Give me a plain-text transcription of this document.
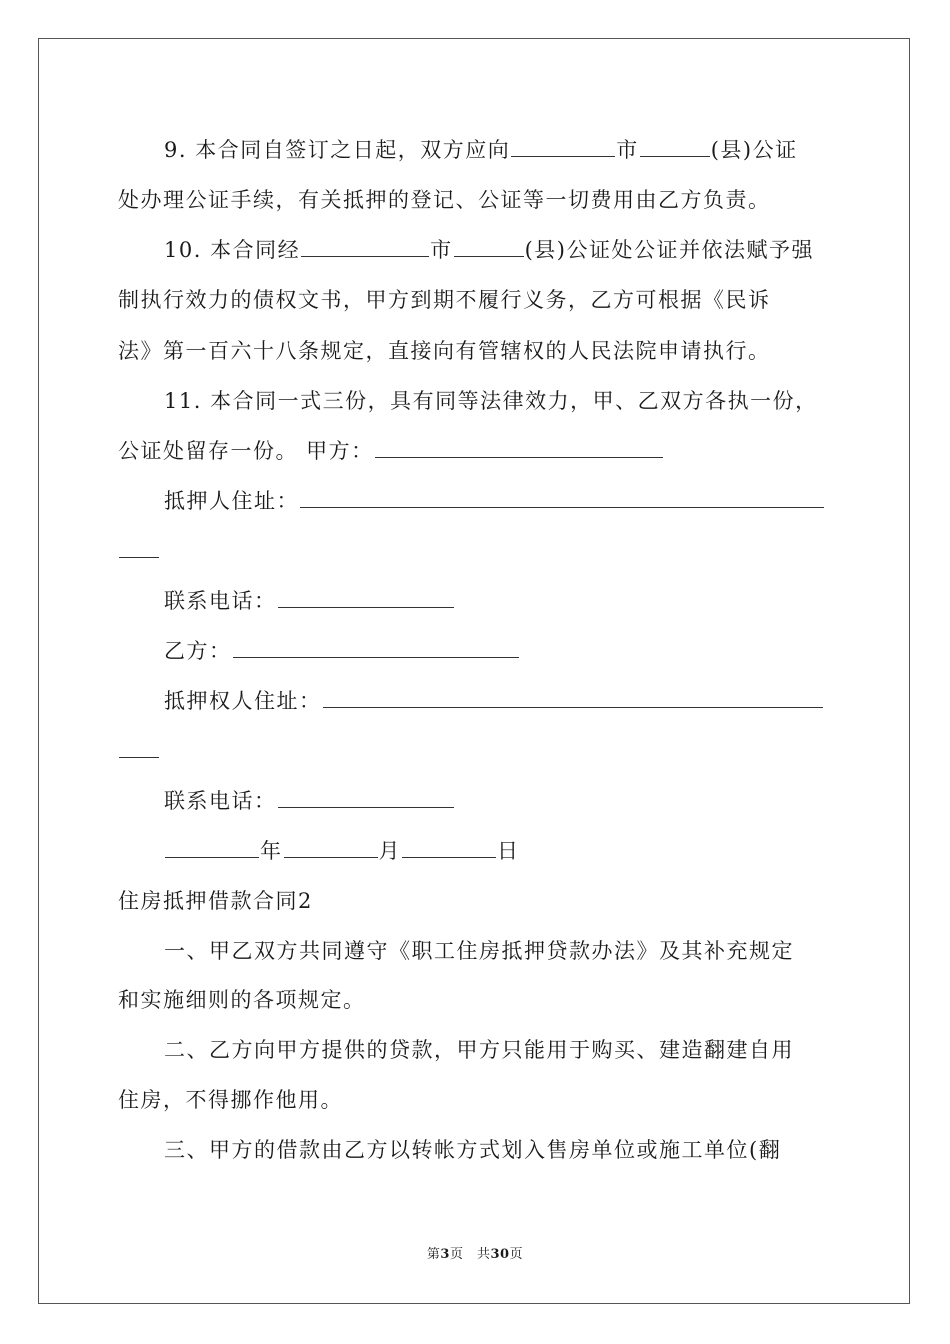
9. 本合同自签订之日起，双方应向	市	(县)公证
处办理公证手续，有关抵押的登记、公证等一切费用由乙方负责。
10. 本合同经	市	(县)公证处公证并依法赋予强
制执行效力的债权文书，甲方到期不履行义务，乙方可根据《民诉
法》第一百六十八条规定，直接向有管辖权的人民法院申请执行。
11. 本合同一式三份，具有同等法律效力，甲、乙双方各执一份，
公证处留存一份。 甲方：
抵押人住址：
联系电话：
乙方：
抵押权人住址：
联系电话：
年	月	日
住房抵押借款合同2
一、甲乙双方共同遵守《职工住房抵押贷款办法》及其补充规定
和实施细则的各项规定。
二、乙方向甲方提供的贷款，甲方只能用于购买、建造翻建自用
住房，不得挪作他用。
三、甲方的借款由乙方以转帐方式划入售房单位或施工单位(翻
第3页　共30页
